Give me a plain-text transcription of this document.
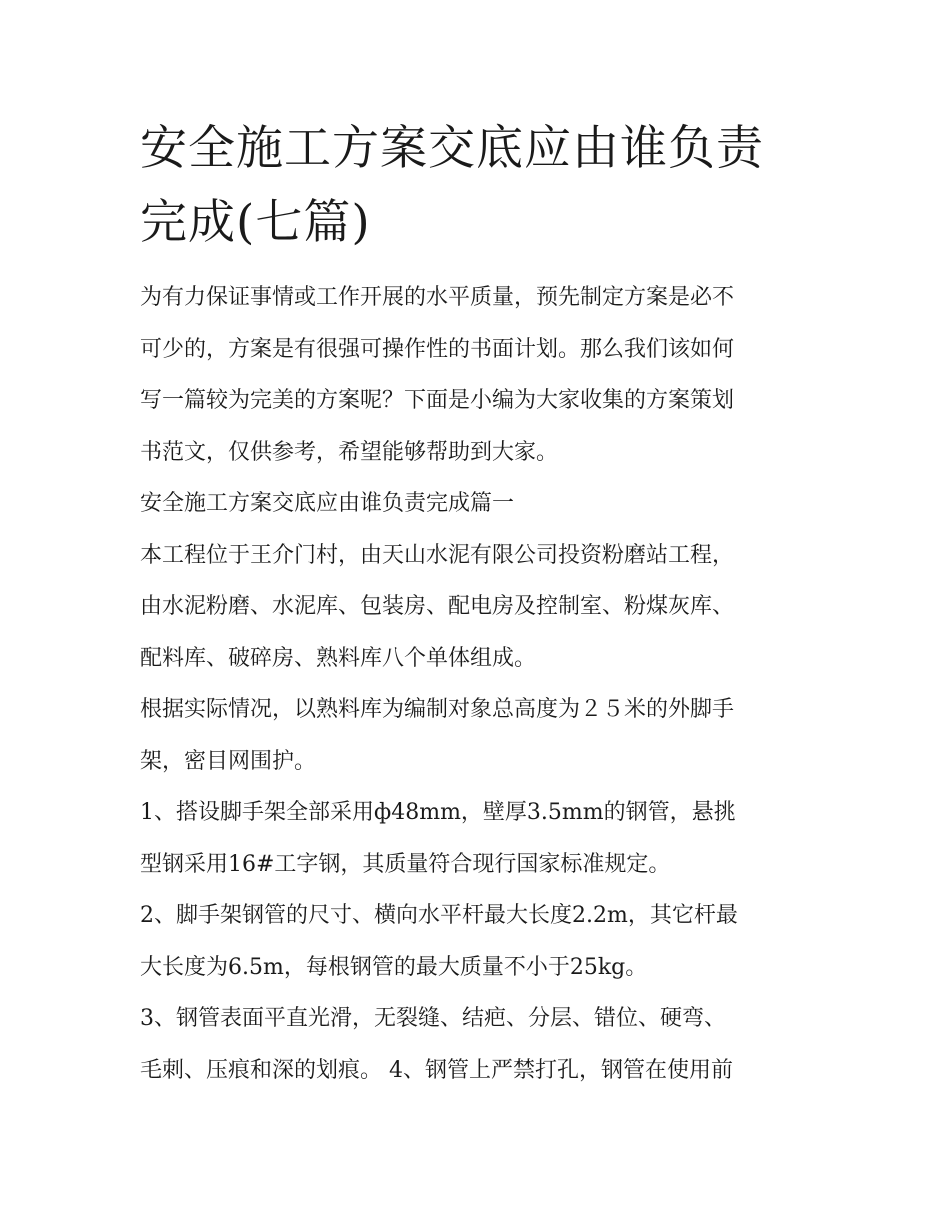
安全施工方案交底应由谁负责
完成(七篇)
为有力保证事情或工作开展的水平质量，预先制定方案是必不
可少的，方案是有很强可操作性的书面计划。那么我们该如何
写一篇较为完美的方案呢？下面是小编为大家收集的方案策划
书范文，仅供参考，希望能够帮助到大家。
安全施工方案交底应由谁负责完成篇一
本工程位于王介门村，由天山水泥有限公司投资粉磨站工程，
由水泥粉磨、水泥库、包装房、配电房及控制室、粉煤灰库、
配料库、破碎房、熟料库八个单体组成。
根据实际情况，以熟料库为编制对象总高度为２５米的外脚手
架，密目网围护。
1、搭设脚手架全部采用ф48mm，壁厚3.5mm的钢管，悬挑
型钢采用16#工字钢，其质量符合现行国家标准规定。
2、脚手架钢管的尺寸、横向水平杆最大长度2.2m，其它杆最
大长度为6.5m，每根钢管的最大质量不小于25kg。
3、钢管表面平直光滑，无裂缝、结疤、分层、错位、硬弯、
毛刺、压痕和深的划痕。 4、钢管上严禁打孔，钢管在使用前
